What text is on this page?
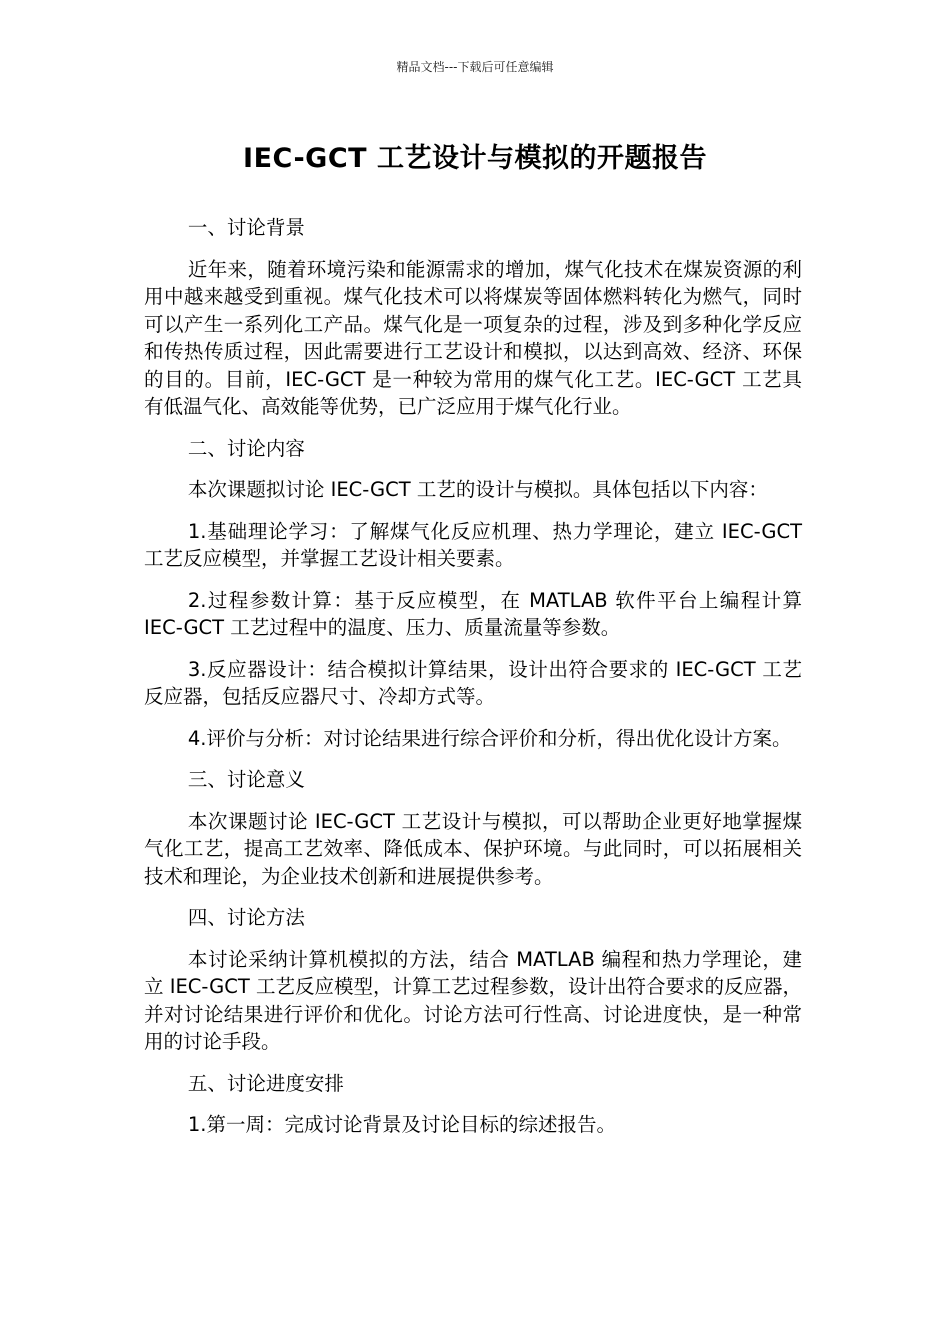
精品文档---下载后可任意编辑
IEC-GCT 工艺设计与模拟的开题报告

一、讨论背景

近年来，随着环境污染和能源需求的增加，煤气化技术在煤炭资源的利用中越来越受到重视。煤气化技术可以将煤炭等固体燃料转化为燃气，同时可以产生一系列化工产品。煤气化是一项复杂的过程，涉及到多种化学反应和传热传质过程，因此需要进行工艺设计和模拟，以达到高效、经济、环保的目的。目前，IEC-GCT 是一种较为常用的煤气化工艺。IEC-GCT 工艺具有低温气化、高效能等优势，已广泛应用于煤气化行业。

二、讨论内容

本次课题拟讨论 IEC-GCT 工艺的设计与模拟。具体包括以下内容：

1.基础理论学习：了解煤气化反应机理、热力学理论，建立 IEC-GCT 工艺反应模型，并掌握工艺设计相关要素。

2.过程参数计算：基于反应模型，在 MATLAB 软件平台上编程计算 IEC-GCT 工艺过程中的温度、压力、质量流量等参数。

3.反应器设计：结合模拟计算结果，设计出符合要求的 IEC-GCT 工艺反应器，包括反应器尺寸、冷却方式等。

4.评价与分析：对讨论结果进行综合评价和分析，得出优化设计方案。

三、讨论意义

本次课题讨论 IEC-GCT 工艺设计与模拟，可以帮助企业更好地掌握煤气化工艺，提高工艺效率、降低成本、保护环境。与此同时，可以拓展相关技术和理论，为企业技术创新和进展提供参考。

四、讨论方法

本讨论采纳计算机模拟的方法，结合 MATLAB 编程和热力学理论，建立 IEC-GCT 工艺反应模型，计算工艺过程参数，设计出符合要求的反应器，并对讨论结果进行评价和优化。讨论方法可行性高、讨论进度快，是一种常用的讨论手段。

五、讨论进度安排

1.第一周：完成讨论背景及讨论目标的综述报告。
